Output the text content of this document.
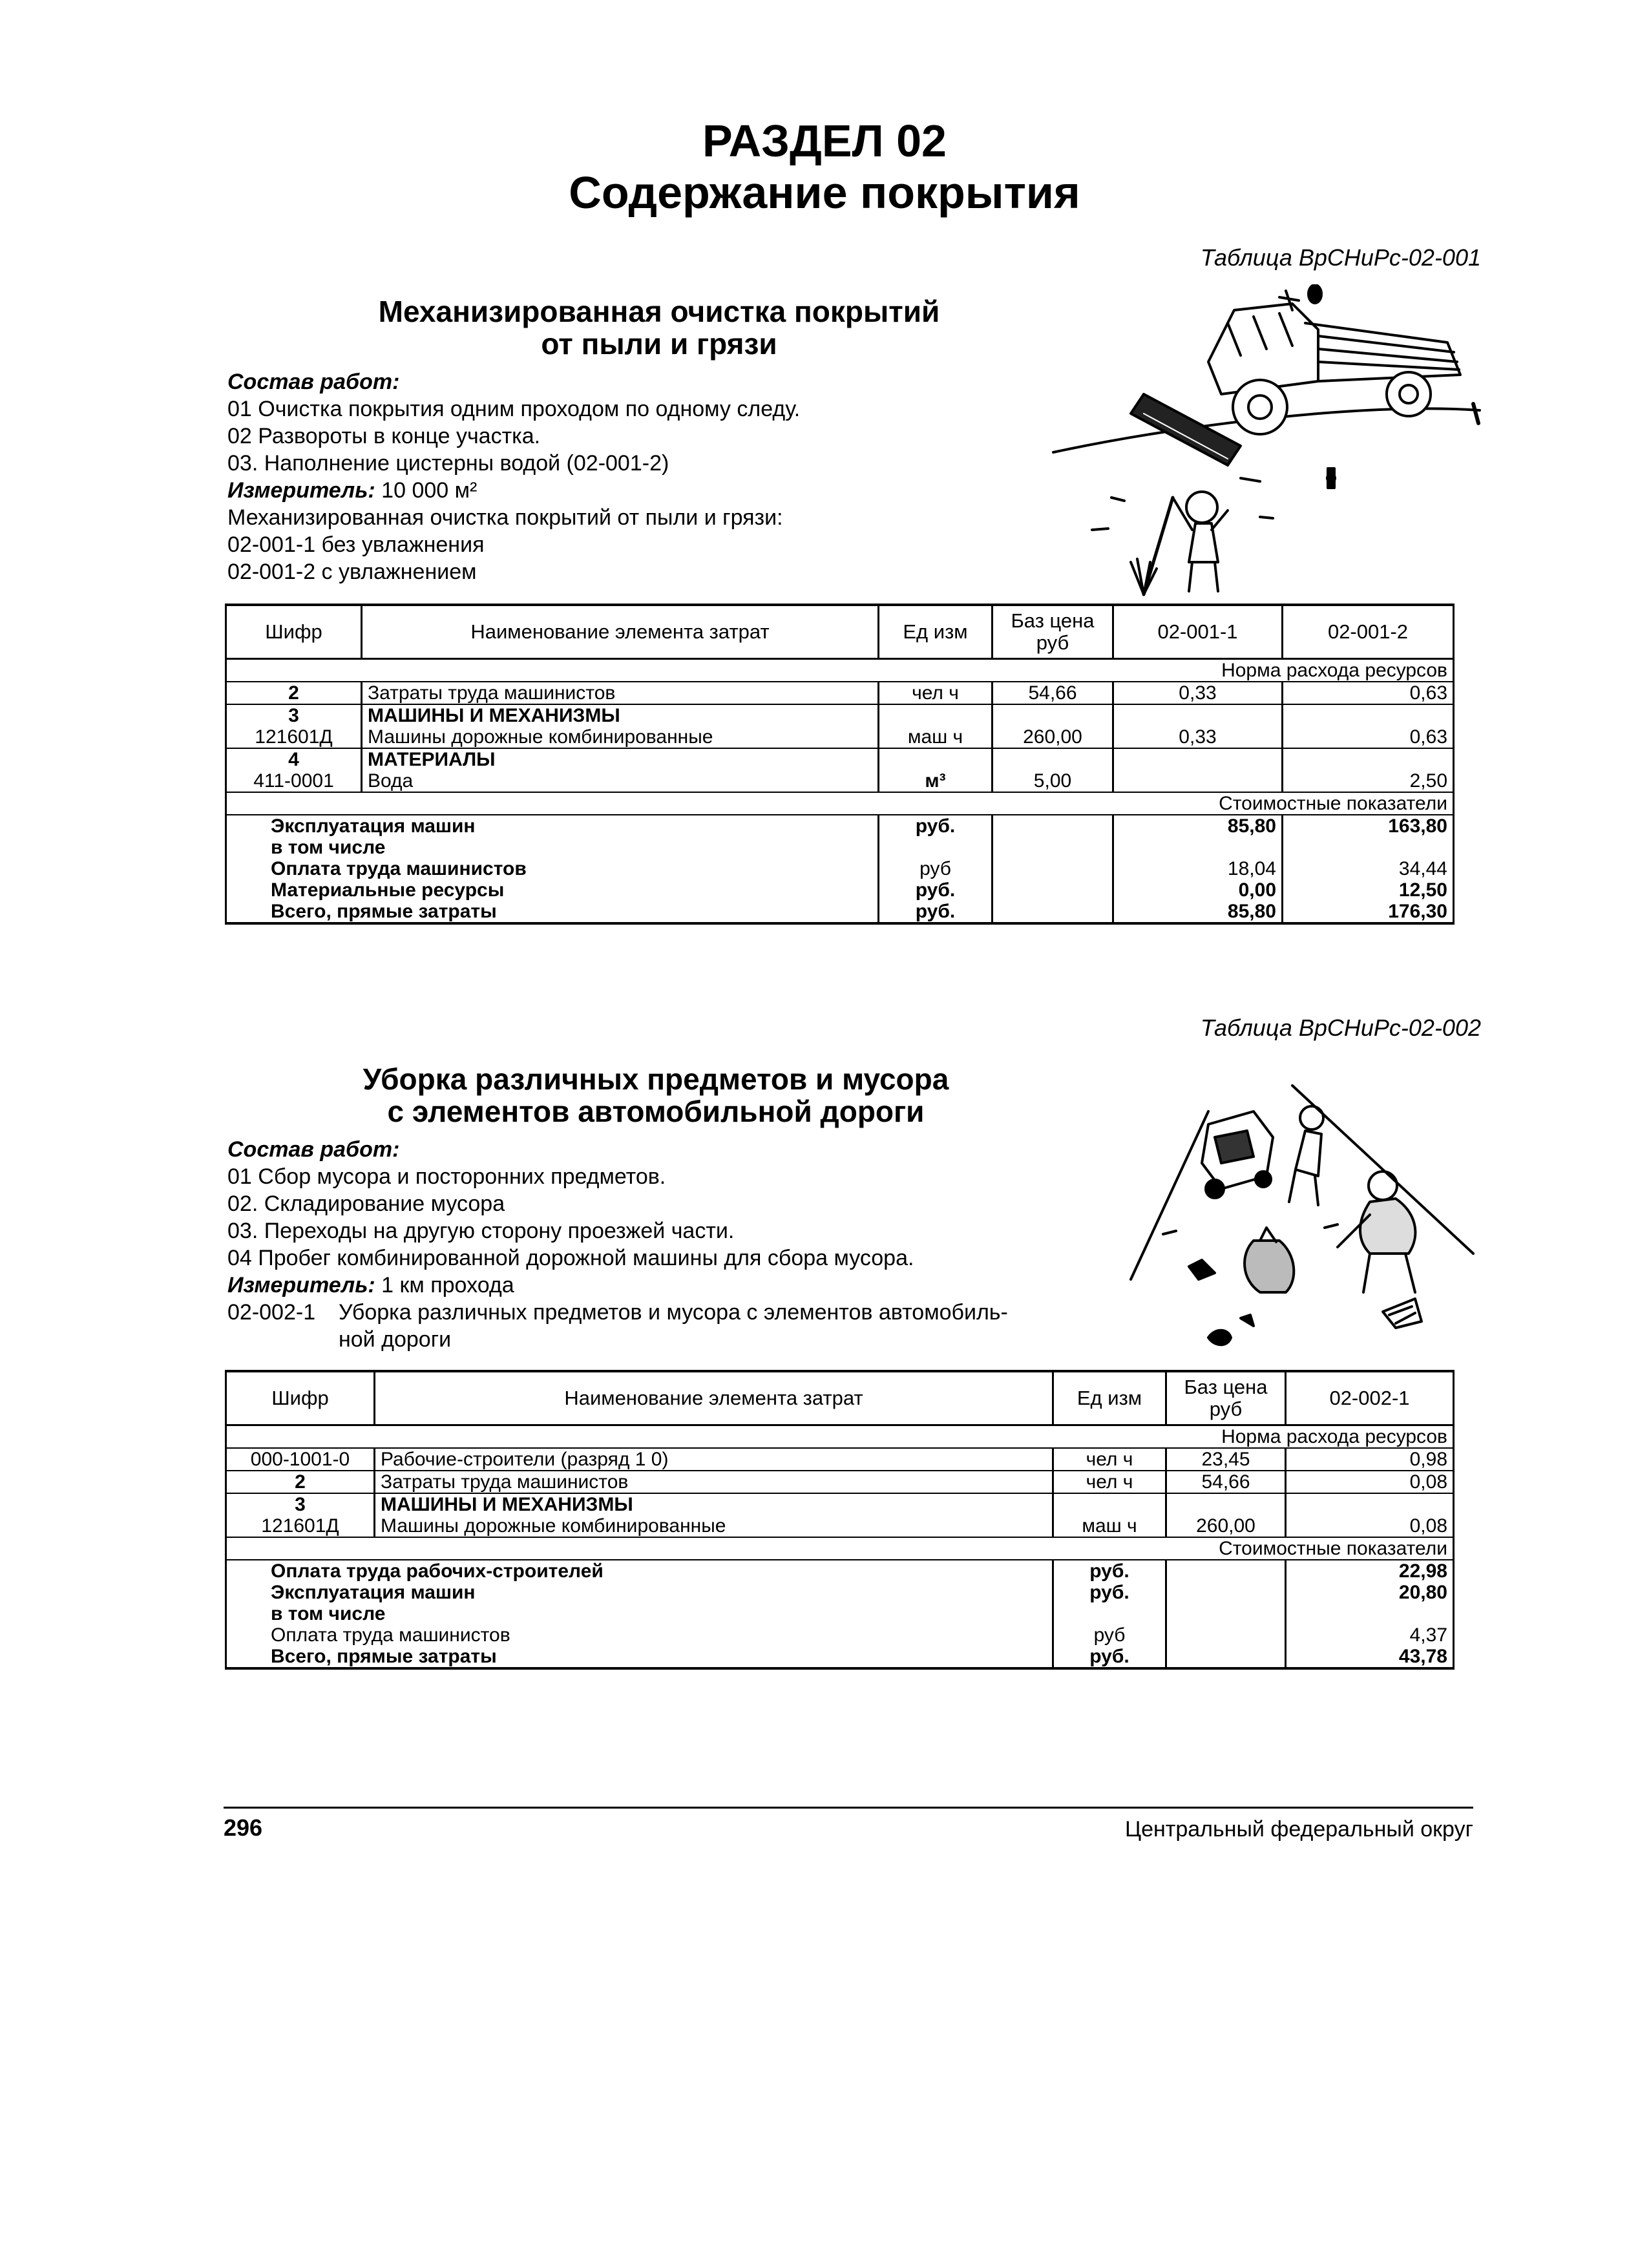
РАЗДЕЛ 02
Содержание покрытия
Таблица ВрСНиРс-02-001
Механизированная очистка покрытий
от пыли и грязи
Состав работ:
01 Очистка покрытия одним проходом по одному следу.
02 Развороты в конце участка.
03. Наполнение цистерны водой (02-001-2)
Измеритель: 10 000 м²
Механизированная очистка покрытий от пыли и грязи:
02-001-1 без увлажнения
02-001-2 с увлажнением
Шифр	Наименование элемента затрат	Ед изм	Баз цена руб	02-001-1	02-001-2
				Норма расхода ресурсов	
2	Затраты труда машинистов	чел ч	54,66	0,33	0,63
3	МАШИНЫ И МЕХАНИЗМЫ				
121601Д	Машины дорожные комбинированные	маш ч	260,00	0,33	0,63
4	МАТЕРИАЛЫ				
411-0001	Вода	м³	5,00		2,50
				Стоимостные показатели	
Эксплуатация машин		руб.		85,80	163,80
в том числе					
Оплата труда машинистов		руб		18,04	34,44
Материальные ресурсы		руб.		0,00	12,50
Всего, прямые затраты		руб.		85,80	176,30
Таблица ВрСНиРс-02-002
Уборка различных предметов и мусора
с элементов автомобильной дороги
Состав работ:
01 Сбор мусора и посторонних предметов.
02. Складирование мусора
03. Переходы на другую сторону проезжей части.
04 Пробег комбинированной дорожной машины для сбора мусора.
Измеритель: 1 км прохода
02-002-1	Уборка различных предметов и мусора с элементов автомобиль-
ной дороги
Шифр	Наименование элемента затрат	Ед изм	Баз цена руб	02-002-1
			Норма расхода ресурсов	
000-1001-0	Рабочие-строители (разряд 1 0)	чел ч	23,45	0,98
2	Затраты труда машинистов	чел ч	54,66	0,08
3	МАШИНЫ И МЕХАНИЗМЫ			
121601Д	Машины дорожные комбинированные	маш ч	260,00	0,08
			Стоимостные показатели	
Оплата труда рабочих-строителей		руб.		22,98
Эксплуатация машин		руб.		20,80
в том числе				
Оплата труда машинистов		руб		4,37
Всего, прямые затраты		руб.		43,78
296	Центральный федеральный округ
